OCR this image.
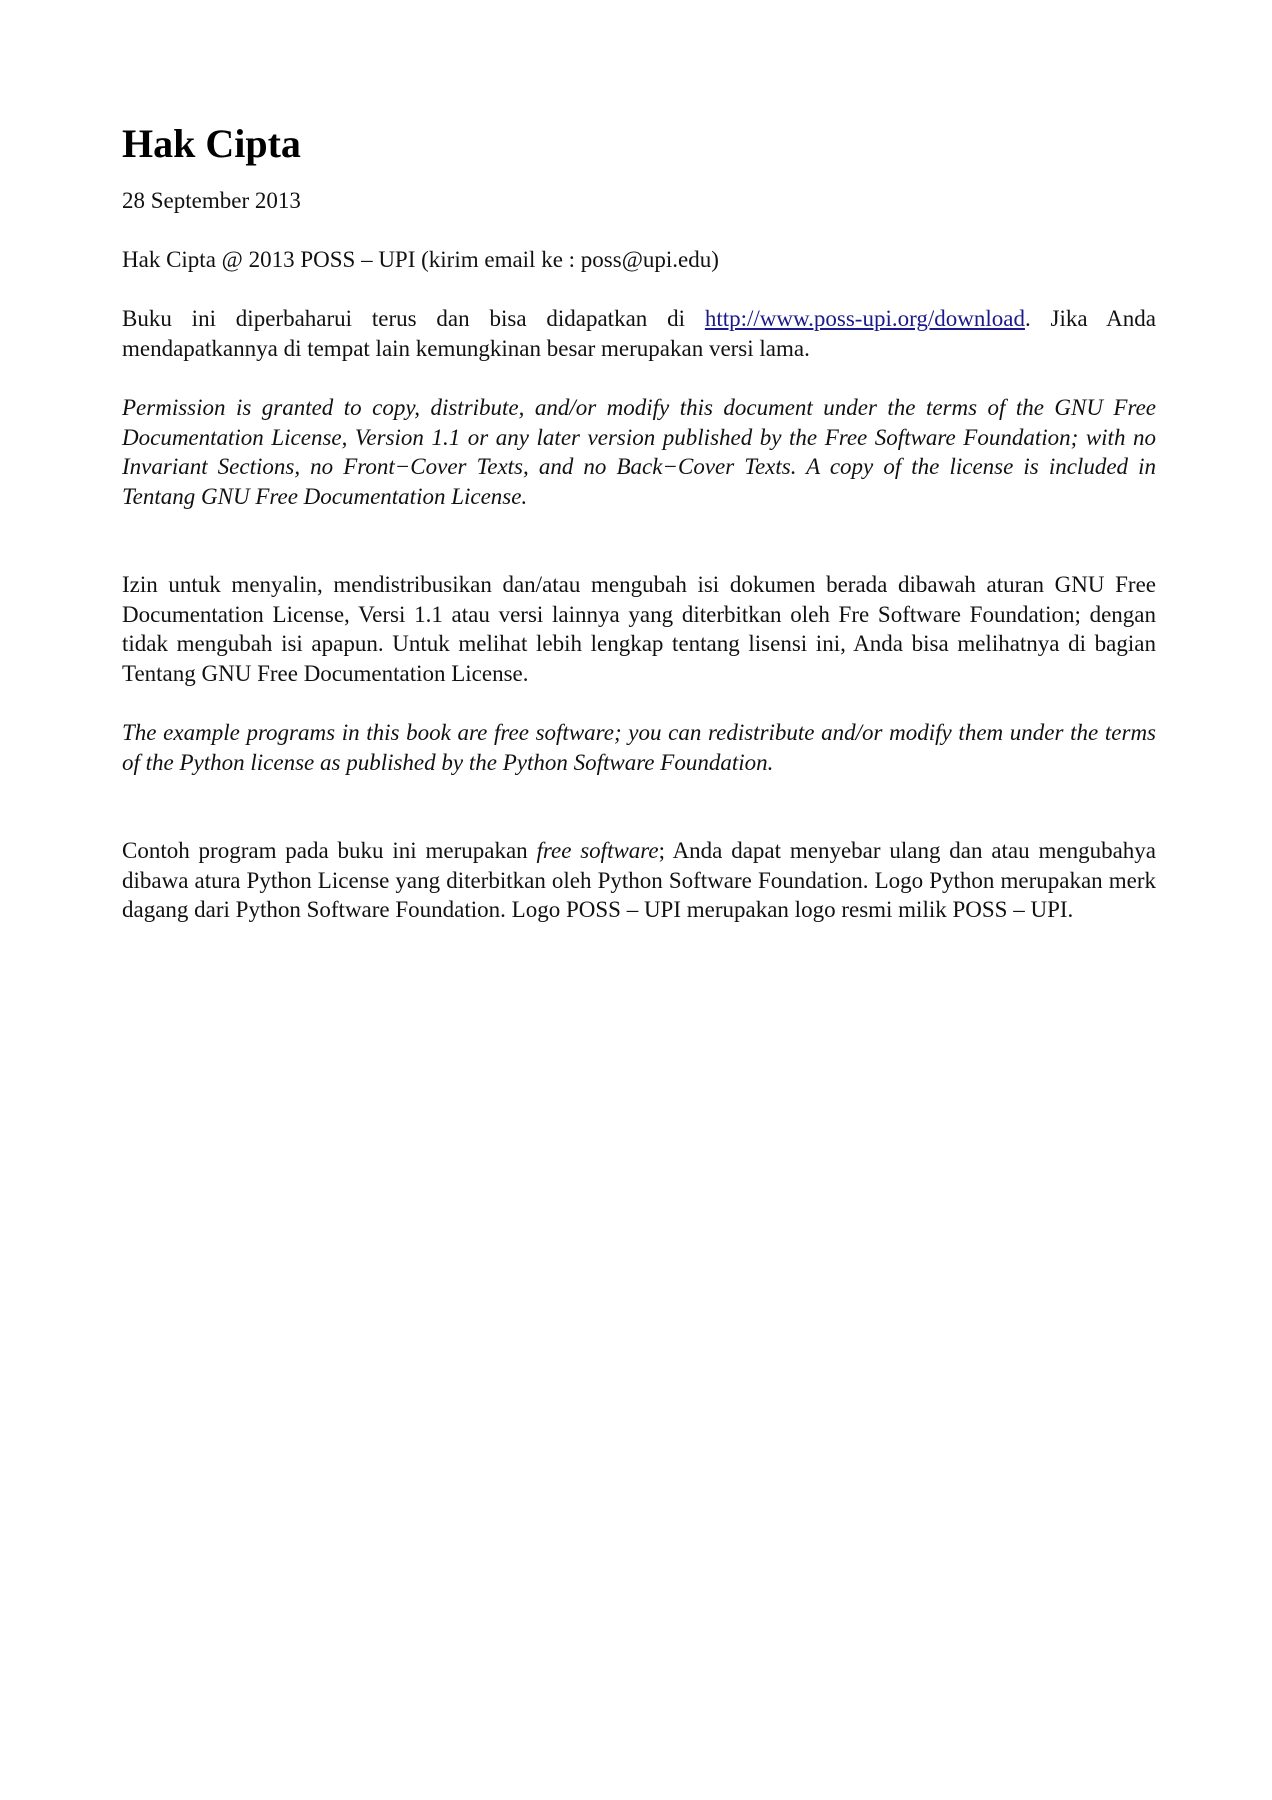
Hak Cipta

28 September 2013

Hak Cipta @ 2013 POSS – UPI (kirim email ke : poss@upi.edu)

Buku ini diperbaharui terus dan bisa didapatkan di http://www.poss-upi.org/download. Jika Anda mendapatkannya di tempat lain kemungkinan besar merupakan versi lama.

Permission is granted to copy, distribute, and/or modify this document under the terms of the GNU Free Documentation License, Version 1.1 or any later version published by the Free Software Foundation; with no Invariant Sections, no Front−Cover Texts, and no Back−Cover Texts. A copy of the license is included in Tentang GNU Free Documentation License.

Izin untuk menyalin, mendistribusikan dan/atau mengubah isi dokumen berada dibawah aturan GNU Free Documentation License, Versi 1.1 atau versi lainnya yang diterbitkan oleh Fre Software Foundation; dengan tidak mengubah isi apapun. Untuk melihat lebih lengkap tentang lisensi ini, Anda bisa melihatnya di bagian Tentang GNU Free Documentation License.

The example programs in this book are free software; you can redistribute and/or modify them under the terms of the Python license as published by the Python Software Foundation.

Contoh program pada buku ini merupakan free software; Anda dapat menyebar ulang dan atau mengubahya dibawa atura Python License yang diterbitkan oleh Python Software Foundation. Logo Python merupakan merk dagang dari Python Software Foundation. Logo POSS – UPI merupakan logo resmi milik POSS – UPI.
